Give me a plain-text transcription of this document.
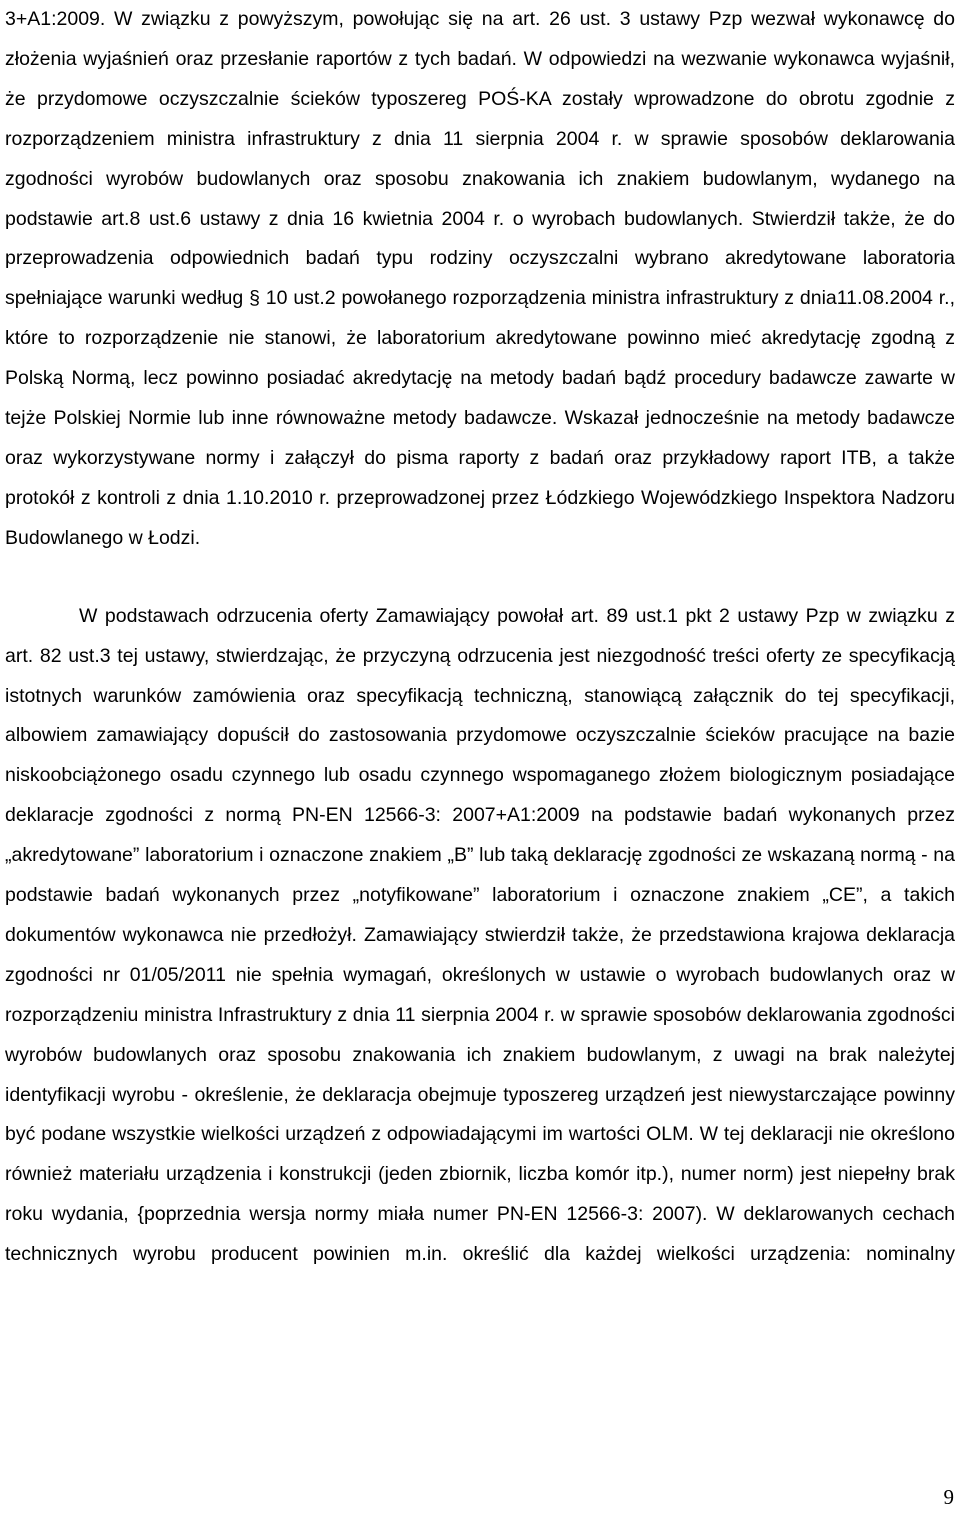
3+A1:2009. W związku z powyższym, powołując się na art. 26 ust. 3 ustawy Pzp wezwał wykonawcę do złożenia wyjaśnień oraz przesłanie raportów z tych badań. W odpowiedzi na wezwanie wykonawca wyjaśnił, że przydomowe oczyszczalnie ścieków typoszereg POŚ-KA zostały wprowadzone do obrotu zgodnie z rozporządzeniem ministra infrastruktury z dnia 11 sierpnia 2004 r. w sprawie sposobów deklarowania zgodności wyrobów budowlanych oraz sposobu znakowania ich znakiem budowlanym, wydanego na podstawie art.8 ust.6 ustawy z dnia 16 kwietnia 2004 r. o wyrobach budowlanych. Stwierdził także, że do przeprowadzenia odpowiednich badań typu rodziny oczyszczalni wybrano akredytowane laboratoria spełniające warunki według § 10 ust.2 powołanego rozporządzenia ministra infrastruktury z dnia11.08.2004 r., które to rozporządzenie nie stanowi, że laboratorium akredytowane powinno mieć akredytację zgodną z Polską Normą, lecz powinno posiadać akredytację na metody badań bądź procedury badawcze zawarte w tejże Polskiej Normie lub inne równoważne metody badawcze. Wskazał jednocześnie na metody badawcze oraz wykorzystywane normy i załączył do pisma raporty z badań oraz przykładowy raport ITB, a także protokół z kontroli z dnia 1.10.2010 r. przeprowadzonej przez Łódzkiego Wojewódzkiego Inspektora Nadzoru Budowlanego w Łodzi.

W podstawach odrzucenia oferty Zamawiający powołał art. 89 ust.1 pkt 2 ustawy Pzp w związku z art. 82 ust.3 tej ustawy, stwierdzając, że przyczyną odrzucenia jest niezgodność treści oferty ze specyfikacją istotnych warunków zamówienia oraz specyfikacją techniczną, stanowiącą załącznik do tej specyfikacji, albowiem zamawiający dopuścił do zastosowania przydomowe oczyszczalnie ścieków pracujące na bazie niskoobciążonego osadu czynnego lub osadu czynnego wspomaganego złożem biologicznym posiadające deklaracje zgodności z normą PN-EN 12566-3: 2007+A1:2009 na podstawie badań wykonanych przez „akredytowane” laboratorium i oznaczone znakiem „B” lub taką deklarację zgodności ze wskazaną normą - na podstawie badań wykonanych przez „notyfikowane” laboratorium i oznaczone znakiem „CE”, a takich dokumentów wykonawca nie przedłożył. Zamawiający stwierdził także, że przedstawiona krajowa deklaracja zgodności nr 01/05/2011 nie spełnia wymagań, określonych w ustawie o wyrobach budowlanych oraz w rozporządzeniu ministra Infrastruktury z dnia 11 sierpnia 2004 r. w sprawie sposobów deklarowania zgodności wyrobów budowlanych oraz sposobu znakowania ich znakiem budowlanym, z uwagi na brak należytej identyfikacji wyrobu - określenie, że deklaracja obejmuje typoszereg urządzeń jest niewystarczające powinny być podane wszystkie wielkości urządzeń z odpowiadającymi im wartości OLM. W tej deklaracji nie określono również materiału urządzenia i konstrukcji (jeden zbiornik, liczba komór itp.), numer norm) jest niepełny brak roku wydania, {poprzednia wersja normy miała numer PN-EN 12566-3: 2007). W deklarowanych cechach technicznych wyrobu producent powinien m.in. określić dla każdej wielkości urządzenia: nominalny

9
